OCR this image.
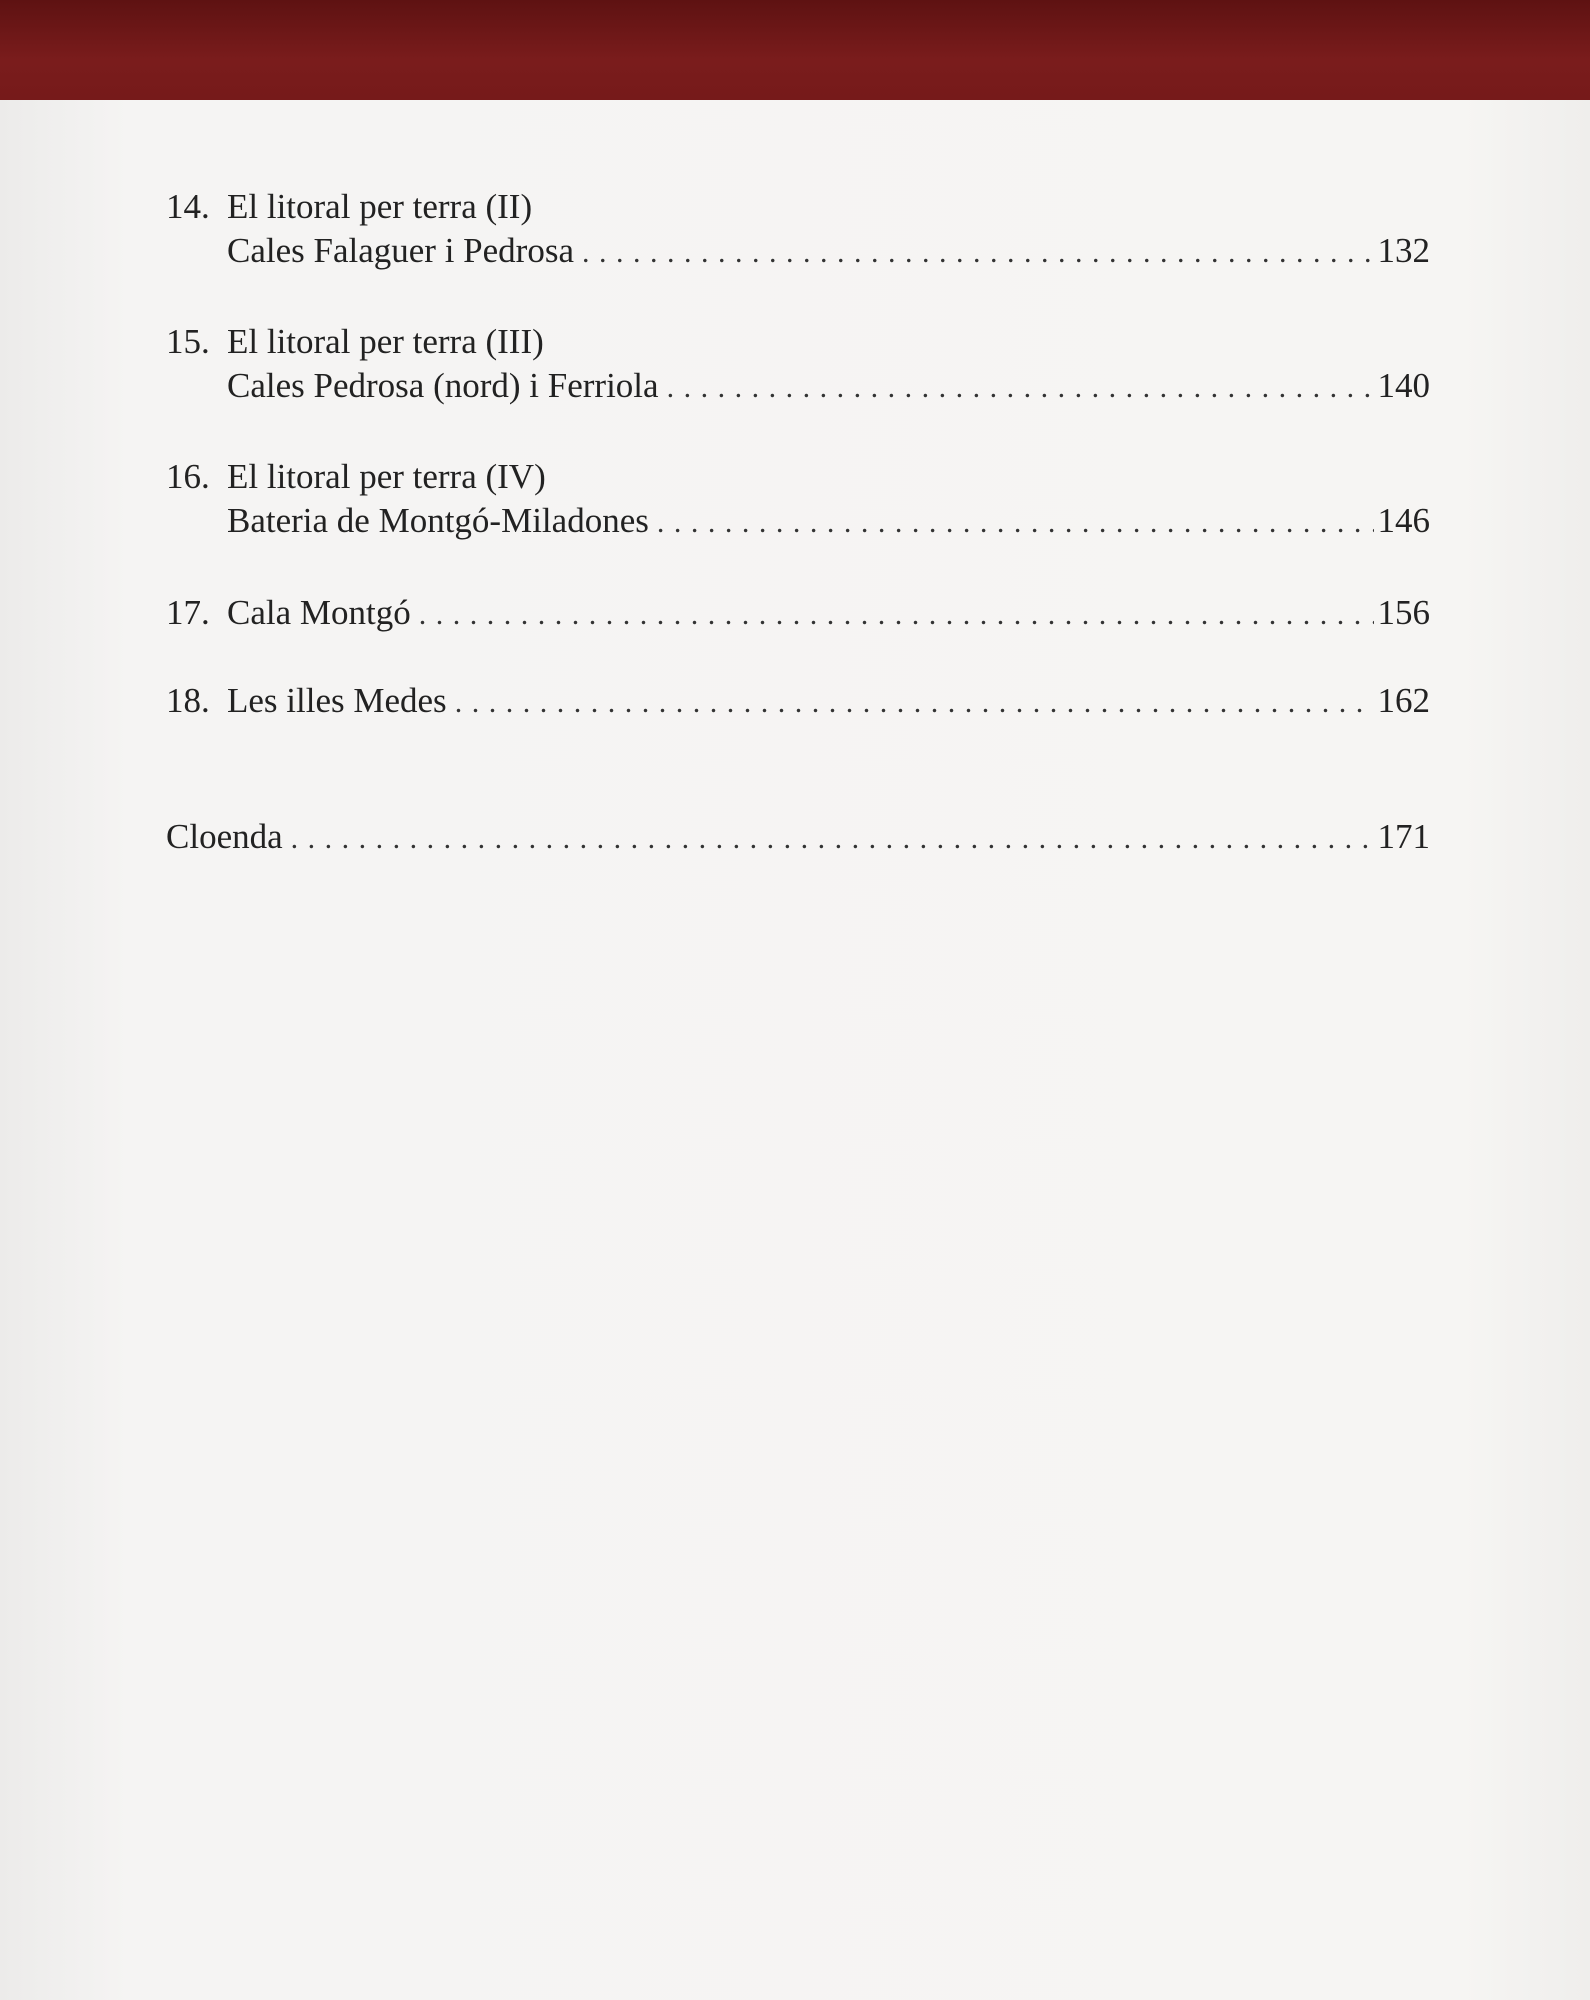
14. El litoral per terra (II)
Cales Falaguer i Pedrosa . . .	132
15. El litoral per terra (III)
Cales Pedrosa (nord) i Ferriola . . .	140
16. El litoral per terra (IV)
Bateria de Montgó-Miladones . . .	146
17. Cala Montgó . . .	156
18. Les illes Medes . . .	162
Cloenda . . .	171
